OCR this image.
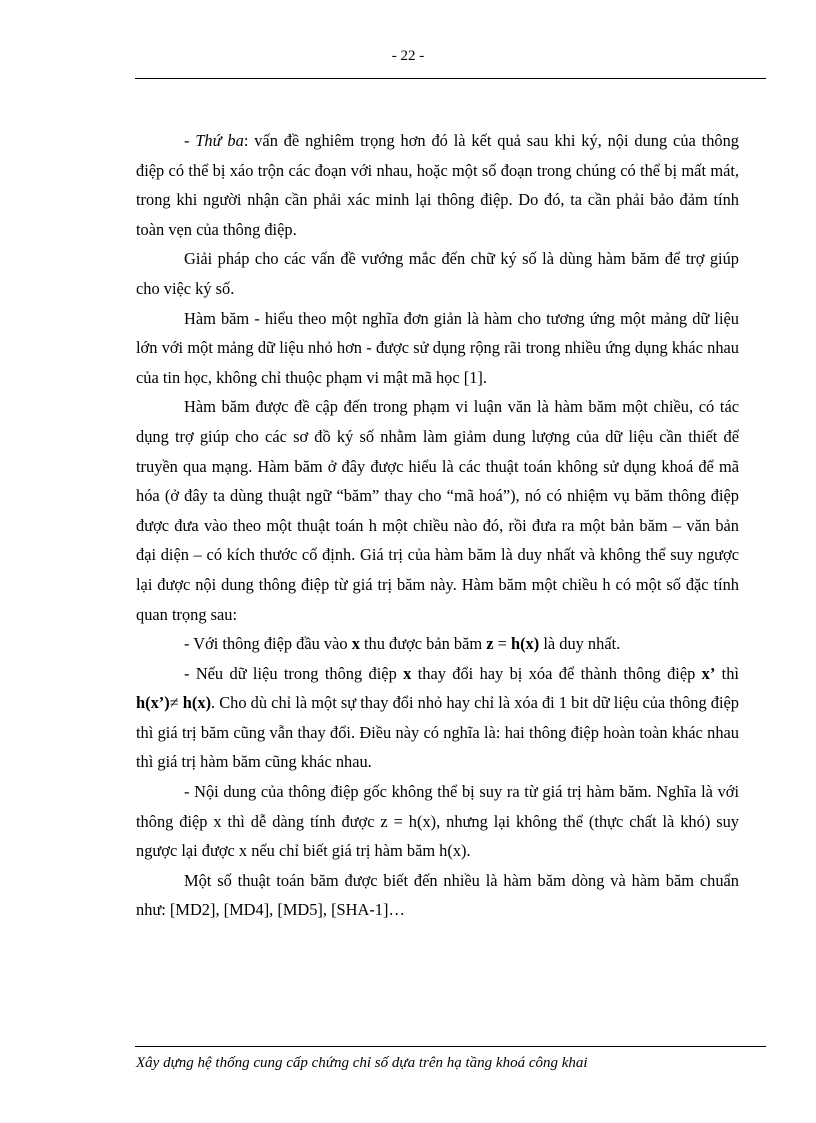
- 22 -

- Thứ ba: vấn đề nghiêm trọng hơn đó là kết quả sau khi ký, nội dung của thông điệp có thể bị xáo trộn các đoạn với nhau, hoặc một số đoạn trong chúng có thể bị mất mát, trong khi người nhận cần phải xác minh lại thông điệp. Do đó, ta cần phải bảo đảm tính toàn vẹn của thông điệp.

Giải pháp cho các vấn đề vướng mắc đến chữ ký số là dùng hàm băm để trợ giúp cho việc ký số.

Hàm băm - hiểu theo một nghĩa đơn giản là hàm cho tương ứng một mảng dữ liệu lớn với một mảng dữ liệu nhỏ hơn - được sử dụng rộng rãi trong nhiều ứng dụng khác nhau của tin học, không chỉ thuộc phạm vi mật mã học [1].

Hàm băm được đề cập đến trong phạm vi luận văn là hàm băm một chiều, có tác dụng trợ giúp cho các sơ đồ ký số nhằm làm giảm dung lượng của dữ liệu cần thiết để truyền qua mạng. Hàm băm ở đây được hiểu là các thuật toán không sử dụng khoá để mã hóa (ở đây ta dùng thuật ngữ “băm” thay cho “mã hoá”), nó có nhiệm vụ băm thông điệp được đưa vào theo một thuật toán h một chiều nào đó, rồi đưa ra một bản băm – văn bản đại diện – có kích thước cố định. Giá trị của hàm băm là duy nhất và không thể suy ngược lại được nội dung thông điệp từ giá trị băm này. Hàm băm một chiều h có một số đặc tính quan trọng sau:

- Với thông điệp đầu vào x thu được bản băm z = h(x) là duy nhất.

- Nếu dữ liệu trong thông điệp x thay đổi hay bị xóa để thành thông điệp x’ thì h(x’)≠ h(x). Cho dù chỉ là một sự thay đổi nhỏ hay chỉ là xóa đi 1 bit dữ liệu của thông điệp thì giá trị băm cũng vẫn thay đổi. Điều này có nghĩa là: hai thông điệp hoàn toàn khác nhau thì giá trị hàm băm cũng khác nhau.

- Nội dung của thông điệp gốc không thể bị suy ra từ giá trị hàm băm. Nghĩa là với thông điệp x thì dễ dàng tính được z = h(x), nhưng lại không thể (thực chất là khó) suy ngược lại được x nếu chỉ biết giá trị hàm băm h(x).

Một số thuật toán băm được biết đến nhiều là hàm băm dòng và hàm băm chuẩn như: [MD2], [MD4], [MD5], [SHA-1]…

Xây dựng hệ thống cung cấp chứng chỉ số dựa trên hạ tầng khoá công khai
